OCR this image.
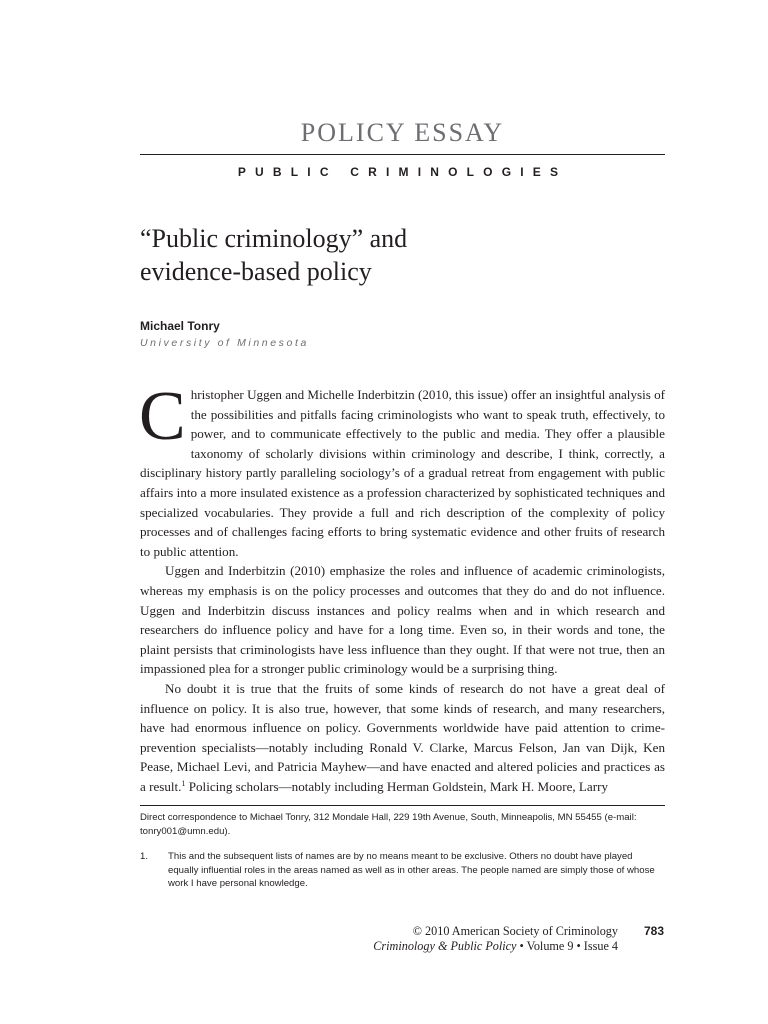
POLICY ESSAY
PUBLIC CRIMINOLOGIES
“Public criminology” and
evidence-based policy
Michael Tonry
University of Minnesota

Christopher Uggen and Michelle Inderbitzin (2010, this issue) offer an insightful analysis of the possibilities and pitfalls facing criminologists who want to speak truth, effectively, to power, and to communicate effectively to the public and media. They offer a plausible taxonomy of scholarly divisions within criminology and describe, I think, correctly, a disciplinary history partly paralleling sociology’s of a gradual retreat from engagement with public affairs into a more insulated existence as a profession characterized by sophisticated techniques and specialized vocabularies. They provide a full and rich description of the complexity of policy processes and of challenges facing efforts to bring systematic evidence and other fruits of research to public attention.

Uggen and Inderbitzin (2010) emphasize the roles and influence of academic criminologists, whereas my emphasis is on the policy processes and outcomes that they do and do not influence. Uggen and Inderbitzin discuss instances and policy realms when and in which research and researchers do influence policy and have for a long time. Even so, in their words and tone, the plaint persists that criminologists have less influence than they ought. If that were not true, then an impassioned plea for a stronger public criminology would be a surprising thing.

No doubt it is true that the fruits of some kinds of research do not have a great deal of influence on policy. It is also true, however, that some kinds of research, and many researchers, have had enormous influence on policy. Governments worldwide have paid attention to crime-prevention specialists—notably including Ronald V. Clarke, Marcus Felson, Jan van Dijk, Ken Pease, Michael Levi, and Patricia Mayhew—and have enacted and altered policies and practices as a result.$^1$ Policing scholars—notably including Herman Goldstein, Mark H. Moore, Larry

Direct correspondence to Michael Tonry, 312 Mondale Hall, 229 19th Avenue, South, Minneapolis, MN 55455 (e-mail: tonry001@umn.edu).
1. This and the subsequent lists of names are by no means meant to be exclusive. Others no doubt have played equally influential roles in the areas named as well as in other areas. The people named are simply those of whose work I have personal knowledge.
© 2010 American Society of Criminology 783
Criminology & Public Policy • Volume 9 • Issue 4
